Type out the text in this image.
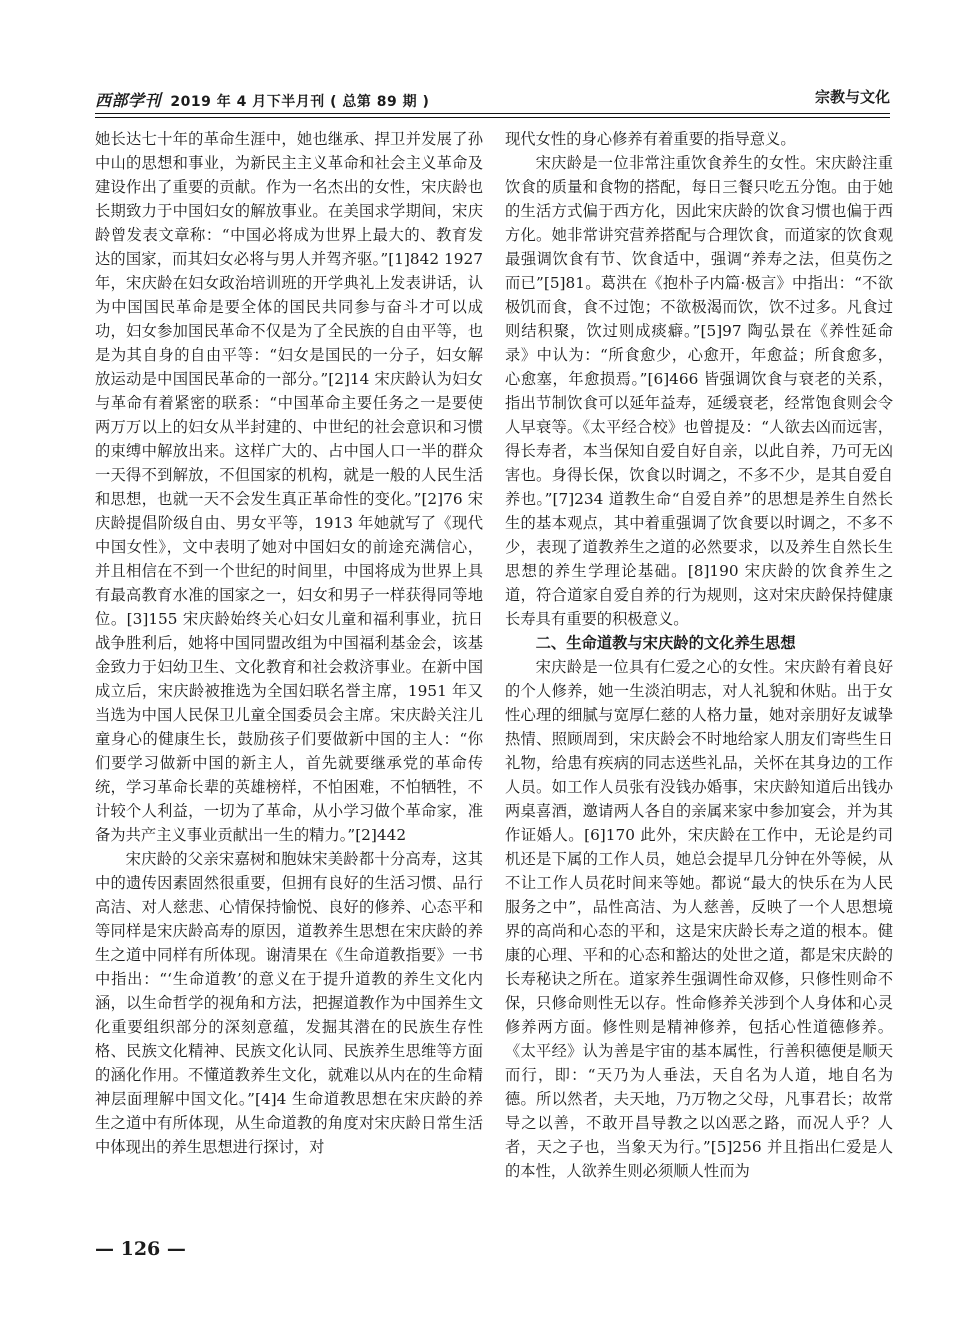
西部学刊 2019 年 4 月下半月刊 ( 总第 89 期 )	宗教与文化

她长达七十年的革命生涯中，她也继承、捍卫并发展了孙中山的思想和事业，为新民主主义革命和社会主义革命及建设作出了重要的贡献。作为一名杰出的女性，宋庆龄也长期致力于中国妇女的解放事业。在美国求学期间，宋庆龄曾发表文章称：“中国必将成为世界上最大的、教育发达的国家，而其妇女必将与男人并驾齐驱。”[1]842 1927 年，宋庆龄在妇女政治培训班的开学典礼上发表讲话，认为中国国民革命是要全体的国民共同参与奋斗才可以成功，妇女参加国民革命不仅是为了全民族的自由平等，也是为其自身的自由平等：“妇女是国民的一分子，妇女解放运动是中国国民革命的一部分。”[2]14 宋庆龄认为妇女与革命有着紧密的联系：“中国革命主要任务之一是要使两万万以上的妇女从半封建的、中世纪的社会意识和习惯的束缚中解放出来。这样广大的、占中国人口一半的群众一天得不到解放，不但国家的机构，就是一般的人民生活和思想，也就一天不会发生真正革命性的变化。”[2]76 宋庆龄提倡阶级自由、男女平等，1913 年她就写了《现代中国女性》，文中表明了她对中国妇女的前途充满信心，并且相信在不到一个世纪的时间里，中国将成为世界上具有最高教育水准的国家之一，妇女和男子一样获得同等地位。[3]155 宋庆龄始终关心妇女儿童和福利事业，抗日战争胜利后，她将中国同盟改组为中国福利基金会，该基金致力于妇幼卫生、文化教育和社会救济事业。在新中国成立后，宋庆龄被推选为全国妇联名誉主席，1951 年又当选为中国人民保卫儿童全国委员会主席。宋庆龄关注儿童身心的健康生长，鼓励孩子们要做新中国的主人：“你们要学习做新中国的新主人，首先就要继承党的革命传统，学习革命长辈的英雄榜样，不怕困难，不怕牺牲，不计较个人利益，一切为了革命，从小学习做个革命家，准备为共产主义事业贡献出一生的精力。”[2]442

宋庆龄的父亲宋嘉树和胞妹宋美龄都十分高寿，这其中的遗传因素固然很重要，但拥有良好的生活习惯、品行高洁、对人慈悲、心情保持愉悦、良好的修养、心态平和等同样是宋庆龄高寿的原因，道教养生思想在宋庆龄的养生之道中同样有所体现。谢清果在《生命道教指要》一书中指出：“‘生命道教’的意义在于提升道教的养生文化内涵，以生命哲学的视角和方法，把握道教作为中国养生文化重要组织部分的深刻意蕴，发掘其潜在的民族生存性格、民族文化精神、民族文化认同、民族养生思维等方面的涵化作用。不懂道教养生文化，就难以从内在的生命精神层面理解中国文化。”[4]4 生命道教思想在宋庆龄的养生之道中有所体现，从生命道教的角度对宋庆龄日常生活中体现出的养生思想进行探讨，对

现代女性的身心修养有着重要的指导意义。

宋庆龄是一位非常注重饮食养生的女性。宋庆龄注重饮食的质量和食物的搭配，每日三餐只吃五分饱。由于她的生活方式偏于西方化，因此宋庆龄的饮食习惯也偏于西方化。她非常讲究营养搭配与合理饮食，而道家的饮食观最强调饮食有节、饮食适中，强调“养寿之法，但莫伤之而已”[5]81。葛洪在《抱朴子内篇·极言》中指出：“不欲极饥而食，食不过饱；不欲极渴而饮，饮不过多。凡食过则结积聚，饮过则成痰癖。”[5]97 陶弘景在《养性延命录》中认为：“所食愈少，心愈开，年愈益；所食愈多，心愈塞，年愈损焉。”[6]466 皆强调饮食与衰老的关系，指出节制饮食可以延年益寿，延缓衰老，经常饱食则会令人早衰等。《太平经合校》也曾提及：“人欲去凶而远害，得长寿者，本当保知自爱自好自亲，以此自养，乃可无凶害也。身得长保，饮食以时调之，不多不少，是其自爱自养也。”[7]234 道教生命“自爱自养”的思想是养生自然长生的基本观点，其中着重强调了饮食要以时调之，不多不少，表现了道教养生之道的必然要求，以及养生自然长生思想的养生学理论基础。[8]190 宋庆龄的饮食养生之道，符合道家自爱自养的行为规则，这对宋庆龄保持健康长寿具有重要的积极意义。

二、生命道教与宋庆龄的文化养生思想

宋庆龄是一位具有仁爱之心的女性。宋庆龄有着良好的个人修养，她一生淡泊明志，对人礼貌和休贴。出于女性心理的细腻与宽厚仁慈的人格力量，她对亲朋好友诚挚热情、照顾周到，宋庆龄会不时地给家人朋友们寄些生日礼物，给患有疾病的同志送些礼品，关怀在其身边的工作人员。如工作人员张有没钱办婚事，宋庆龄知道后出钱办两桌喜酒，邀请两人各自的亲属来家中参加宴会，并为其作证婚人。[6]170 此外，宋庆龄在工作中，无论是约司机还是下属的工作人员，她总会提早几分钟在外等候，从不让工作人员花时间来等她。都说“最大的快乐在为人民服务之中”，品性高洁、为人慈善，反映了一个人思想境界的高尚和心态的平和，这是宋庆龄长寿之道的根本。健康的心理、平和的心态和豁达的处世之道，都是宋庆龄的长寿秘诀之所在。道家养生强调性命双修，只修性则命不保，只修命则性无以存。性命修养关涉到个人身体和心灵修养两方面。修性则是精神修养，包括心性道德修养。《太平经》认为善是宇宙的基本属性，行善积德便是顺天而行，即：“天乃为人垂法，天自名为人道，地自名为德。所以然者，夫天地，乃万物之父母，凡事君长；故常导之以善，不敢开昌导教之以凶恶之路，而况人乎？人者，天之子也，当象天为行。”[5]256 并且指出仁爱是人的本性，人欲养生则必须顺人性而为

— 126 —
